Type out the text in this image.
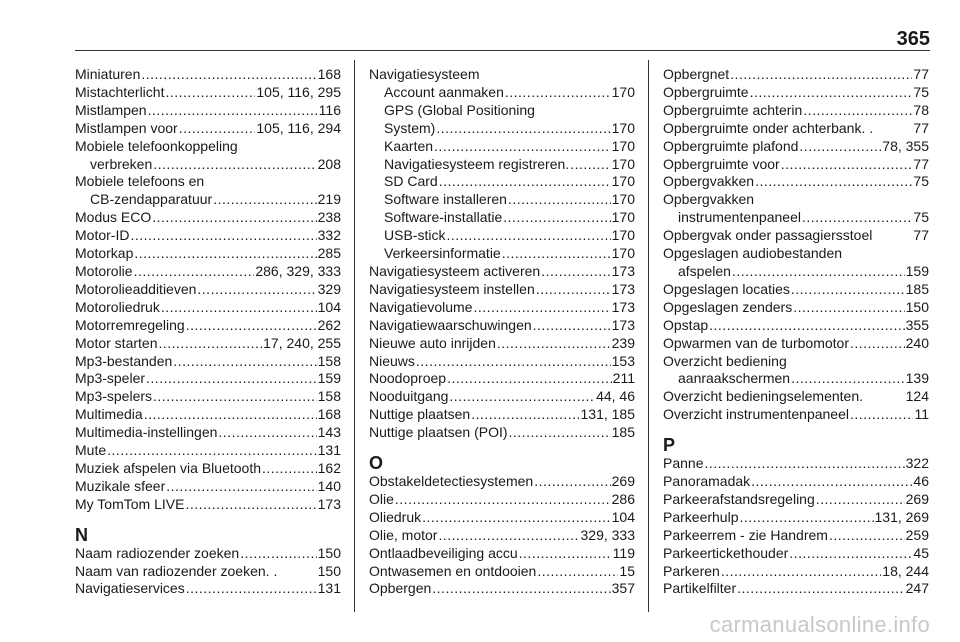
365
Miniaturen .....	168
Mistachterlicht .....	105, 116, 295
Mistlampen .....	116
Mistlampen voor .....	105, 116, 294
Mobiele telefoonkoppeling
verbreken .....	208
Mobiele telefoons en
CB-zendapparatuur .....	219
Modus ECO .....	238
Motor-ID .....	332
Motorkap .....	285
Motorolie .....	286, 329, 333
Motorolieadditieven .....	329
Motoroliedruk .....	104
Motorremregeling .....	262
Motor starten .....	17, 240, 255
Mp3-bestanden .....	158
Mp3-speler .....	159
Mp3-spelers .....	158
Multimedia .....	168
Multimedia-instellingen .....	143
Mute .....	131
Muziek afspelen via Bluetooth .....	162
Muzikale sfeer .....	140
My TomTom LIVE .....	173
N
Naam radiozender zoeken .....	150
Naam van radiozender zoeken. .	150
Navigatieservices .....	131
Navigatiesysteem
Account aanmaken .....	170
GPS (Global Positioning
System) .....	170
Kaarten .....	170
Navigatiesysteem registreren. .....	170
SD Card .....	170
Software installeren .....	170
Software-installatie .....	170
USB-stick .....	170
Verkeersinformatie .....	170
Navigatiesysteem activeren .....	173
Navigatiesysteem instellen .....	173
Navigatievolume .....	173
Navigatiewaarschuwingen .....	173
Nieuwe auto inrijden .....	239
Nieuws .....	153
Noodoproep .....	211
Nooduitgang .....	44, 46
Nuttige plaatsen .....	131, 185
Nuttige plaatsen (POI) .....	185
O
Obstakeldetectiesystemen .....	269
Olie .....	286
Oliedruk .....	104
Olie, motor .....	329, 333
Ontlaadbeveiliging accu .....	119
Ontwasemen en ontdooien .....	15
Opbergen .....	357
Opbergnet .....	77
Opbergruimte .....	75
Opbergruimte achterin .....	78
Opbergruimte onder achterbank. .	77
Opbergruimte plafond .....	78, 355
Opbergruimte voor .....	77
Opbergvakken .....	75
Opbergvakken
instrumentenpaneel .....	75
Opbergvak onder passagiersstoel	77
Opgeslagen audiobestanden
afspelen .....	159
Opgeslagen locaties .....	185
Opgeslagen zenders .....	150
Opstap .....	355
Opwarmen van de turbomotor .....	240
Overzicht bediening
aanraakschermen .....	139
Overzicht bedieningselementen.	124
Overzicht instrumentenpaneel .....	11
P
Panne .....	322
Panoramadak .....	46
Parkeerafstandsregeling .....	269
Parkeerhulp .....	131, 269
Parkeerrem - zie Handrem .....	259
Parkeertickethouder .....	45
Parkeren .....	18, 244
Partikelfilter .....	247
carmanualsonline.info
